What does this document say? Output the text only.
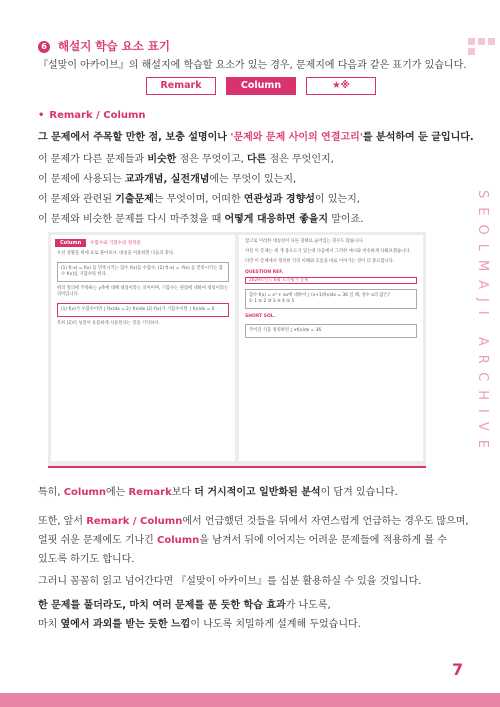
SEOLMAJI ARCHIVE
6 해설지 학습 요소 표기
『설맞이 아카이브』의 해설지에 학습할 요소가 있는 경우, 문제지에 다음과 같은 표기가 있습니다.
Remark	Column	★※
• Remark / Column
그 문제에서 주목할 만한 점, 보충 설명이나 '문제와 문제 사이의 연결고리'를 분석하여 둔 글입니다.
이 문제가 다른 문제들과 비슷한 점은 무엇이고, 다른 점은 무엇인지,
이 문제에 사용되는 교과개념, 실전개념에는 무엇이 있는지,
이 문제와 관련된 기출문제는 무엇이며, 어떠한 연관성과 경향성이 있는지,
이 문제와 비슷한 문제를 다시 마주쳤을 때 어떻게 대응하면 좋을지 말이죠.
Column	우함수와 기함수의 정적분
우선 상황을 위에 표로 풀어보자. 대칭을 이용하면 다음과 같다.
(1) f(-x) = f(x) 를 만족시키는 함수 f(x)를 우함수, (2) f(-x) = -f(x) 를 만족시키는 함수 f(x)를 기함수라 한다.
위의 정의에 주목하는 y축에 대해 대칭이라는 의미이며, 기함수는 원점에 대하여 대칭이라는 의미입니다.
(1) f(x)가 우함수이면 ∫ f(x)dx = 2∫ f(x)dx (2) f(x)가 기함수이면 ∫ f(x)dx = 0
특히 (2)의 성질이 유용하게 사용된다는 것을 기억하자.
참고로 이러한 대칭성이 다른 형태로 숨어있는 경우도 많습니다.
사실 이 문제는 세 개 중요도가 있는데 다음에서 그러한 예시와 비슷하게 다뤄보겠습니다.
다만 이 문제에서 정리한 식의 이해와 흐름을 바로 이어가는 것이 더 중요합니다.
QUESTION REF.
2029학년도 6월 모의평가 문제
함수 f(x) = x³ + ax에 대하여 ∫ (x+1)f(x)dx = 36 일 때, 상수 a의 값은?
① 1 ② 2 ③ 3 ④ 4 ⑤ 5
SHORT SOL.
주어진 식을 정리하면 ∫ xf(x)dx = 36
특히, Column에는 Remark보다 더 거시적이고 일반화된 분석이 담겨 있습니다.
또한, 앞서 Remark / Column에서 언급했던 것들을 뒤에서 자연스럽게 언급하는 경우도 많으며,
얼핏 쉬운 문제에도 기나긴 Column을 남겨서 뒤에 이어지는 어려운 문제들에 적용하게 볼 수
있도록 하기도 합니다.
그러니 꼼꼼히 읽고 넘어간다면 『설맞이 아카이브』를 십분 활용하실 수 있을 것입니다.
한 문제를 풀더라도, 마치 여러 문제를 푼 듯한 학습 효과가 나도록,
마치 옆에서 과외를 받는 듯한 느낌이 나도록 치밀하게 설계해 두었습니다.
7
